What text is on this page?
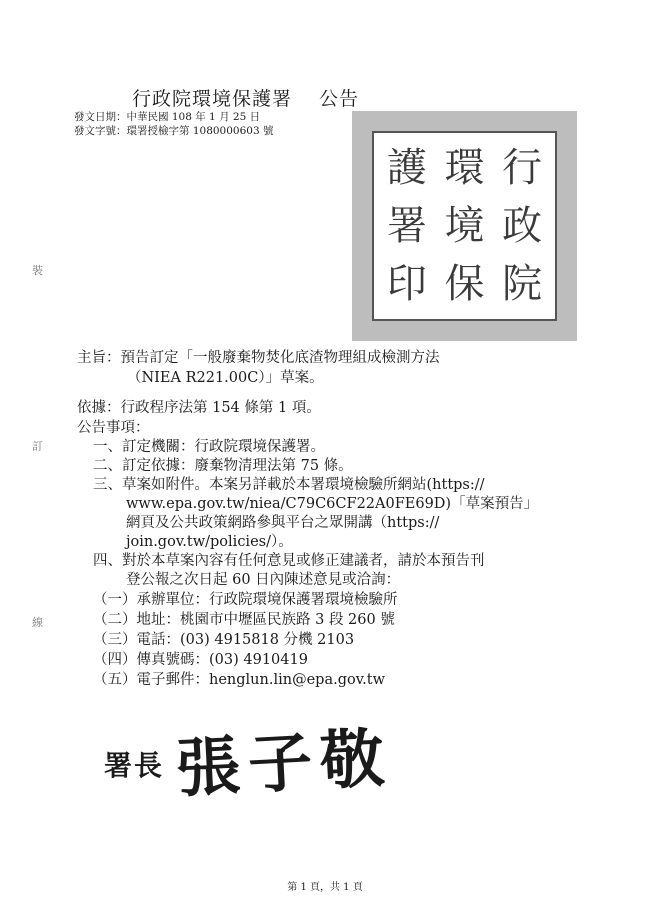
行政院環境保護署　 公告
發文日期：中華民國 108 年 1 月 25 日
發文字號：環署授檢字第 1080000603 號
行
政
院
環
境
保
護
署
印
裝
訂
線
主旨：預告訂定「一般廢棄物焚化底渣物理組成檢測方法
（NIEA R221.00C）」草案。
依據：行政程序法第 154 條第 1 項。
公告事項：
一、訂定機關：行政院環境保護署。
二、訂定依據：廢棄物清理法第 75 條。
三、草案如附件。本案另詳載於本署環境檢驗所網站(https://
www.epa.gov.tw/niea/C79C6CF22A0FE69D)「草案預告」
網頁及公共政策網路參與平台之眾開講（https://
join.gov.tw/policies/）。
四、對於本草案內容有任何意見或修正建議者，請於本預告刊
登公報之次日起 60 日內陳述意見或洽詢：
（一）承辦單位：行政院環境保護署環境檢驗所
（二）地址：桃園市中壢區民族路 3 段 260 號
（三）電話：(03) 4915818 分機 2103
（四）傳真號碼：(03) 4910419
（五）電子郵件：henglun.lin@epa.gov.tw
署長 張子敬
第 1 頁，共 1 頁
